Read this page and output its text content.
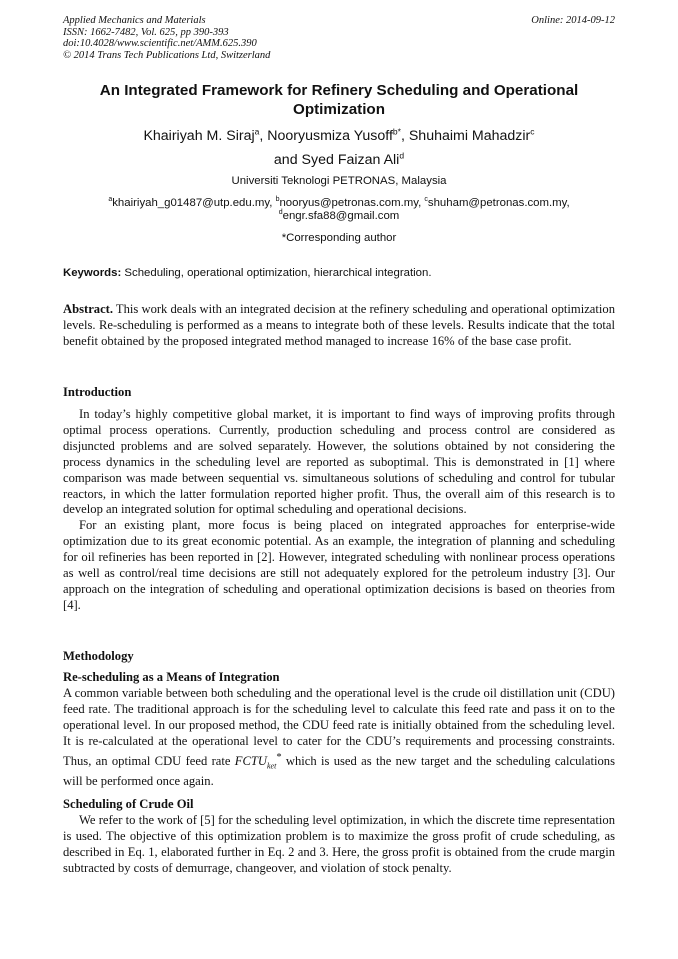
Applied Mechanics and Materials
ISSN: 1662-7482, Vol. 625, pp 390-393
doi:10.4028/www.scientific.net/AMM.625.390
© 2014 Trans Tech Publications Ltd, Switzerland
Online: 2014-09-12
An Integrated Framework for Refinery Scheduling and Operational Optimization
Khairiyah M. Siraj$^a$, Nooryusmiza Yusoff$^{b*}$, Shuhaimi Mahadzir$^c$
and Syed Faizan Ali$^d$
Universiti Teknologi PETRONAS, Malaysia
$^a$khairiyah_g01487@utp.edu.my, $^b$nooryus@petronas.com.my, $^c$shuham@petronas.com.my,
$^d$engr.sfa88@gmail.com
*Corresponding author
Keywords: Scheduling, operational optimization, hierarchical integration.

Abstract. This work deals with an integrated decision at the refinery scheduling and operational optimization levels. Re-scheduling is performed as a means to integrate both of these levels. Results indicate that the total benefit obtained by the proposed integrated method managed to increase 16% of the base case profit.

Introduction

In today’s highly competitive global market, it is important to find ways of improving profits through optimal process operations. Currently, production scheduling and process control are considered as disjuncted problems and are solved separately. However, the solutions obtained by not considering the process dynamics in the scheduling level are reported as suboptimal. This is demonstrated in [1] where comparison was made between sequential vs. simultaneous solutions of scheduling and control for tubular reactors, in which the latter formulation reported higher profit. Thus, the overall aim of this research is to develop an integrated solution for optimal scheduling and operational decisions.

For an existing plant, more focus is being placed on integrated approaches for enterprise-wide optimization due to its great economic potential. As an example, the integration of planning and scheduling for oil refineries has been reported in [2]. However, integrated scheduling with nonlinear process operations as well as control/real time decisions are still not adequately explored for the petroleum industry [3]. Our approach on the integration of scheduling and operational optimization decisions is based on theories from [4].

Methodology
Re-scheduling as a Means of Integration

A common variable between both scheduling and the operational level is the crude oil distillation unit (CDU) feed rate. The traditional approach is for the scheduling level to calculate this feed rate and pass it on to the operational level. In our proposed method, the CDU feed rate is initially obtained from the scheduling level. It is re-calculated at the operational level to cater for the CDU’s requirements and processing constraints. Thus, an optimal CDU feed rate $FCTU_{ket}^*$ which is used as the new target and the scheduling calculations will be performed once again.

Scheduling of Crude Oil

We refer to the work of [5] for the scheduling level optimization, in which the discrete time representation is used. The objective of this optimization problem is to maximize the gross profit of crude scheduling, as described in Eq. 1, elaborated further in Eq. 2 and 3. Here, the gross profit is obtained from the crude margin subtracted by costs of demurrage, changeover, and violation of stock penalty.
